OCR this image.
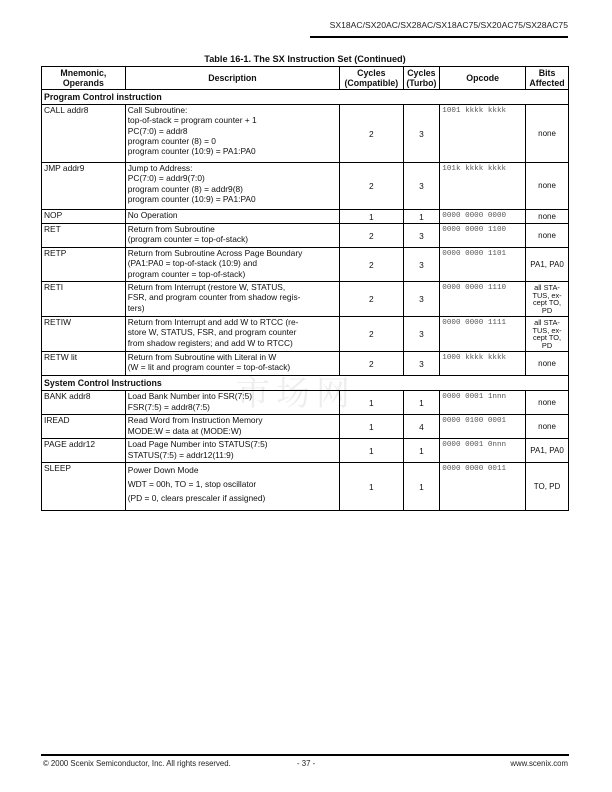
SX18AC/SX20AC/SX28AC/SX18AC75/SX20AC75/SX28AC75
Table 16-1. The SX Instruction Set (Continued)
Mnemonic,
Operands	Description	Cycles
(Compatible)

Cycles
(Turbo)	Opcode	Bits
Affected

Program Control instruction					
CALL addr8	Call Subroutine:
top-of-stack = program counter + 1
PC(7:0) = addr8
program counter (8) = 0
program counter (10:9) = PA1:PA0	2	3	1001 kkkk kkkk	none

JMP addr9	Jump to Address:
PC(7:0) = addr9(7:0)
program counter (8) = addr9(8)
program counter (10:9) = PA1:PA0	2	3	101k kkkk kkkk	none

NOP	No Operation	1	1	0000 0000 0000	none

RET	Return from Subroutine
(program counter = top-of-stack)	2	3	0000 0000 1100	none

RETP	Return from Subroutine Across Page Boundary
(PA1:PA0 = top-of-stack (10:9) and
program counter = top-of-stack)	2	3	0000 0000 1101	PA1, PA0

RETI	Return from Interrupt (restore W, STATUS,
FSR, and program counter from shadow regis-
ters)
	2	3	0000 0000 1110	all STA-
TUS, ex-
cept TO,
PD

RETIW	Return from Interrupt and add W to RTCC (re-
store W, STATUS, FSR, and program counter
from shadow registers; and add W to RTCC)
	2	3	0000 0000 1111	all STA-
TUS, ex-
cept TO,
PD

RETW lit	Return from Subroutine with Literal in W
(W = lit and program counter = top-of-stack)	2	3	1000 kkkk kkkk	none

System Control Instructions					
BANK addr8	Load Bank Number into FSR(7:5)
FSR(7:5) = addr8(7:5)	1	1	0000 0001 1nnn	none

IREAD	Read Word from Instruction Memory
MODE:W = data at (MODE:W)	1	4	0000 0100 0001	none

PAGE addr12	Load Page Number into STATUS(7:5)
STATUS(7:5) = addr12(11:9)	1	1	0000 0001 0nnn	PA1, PA0

SLEEP	Power Down Mode
WDT = 00h, TO = 1, stop oscillator
(PD = 0, clears prescaler if assigned)	1	1	0000 0000 0011	TO, PD
市场网
© 2000 Scenix Semiconductor, Inc. All rights reserved.	- 37 -	www.scenix.com
